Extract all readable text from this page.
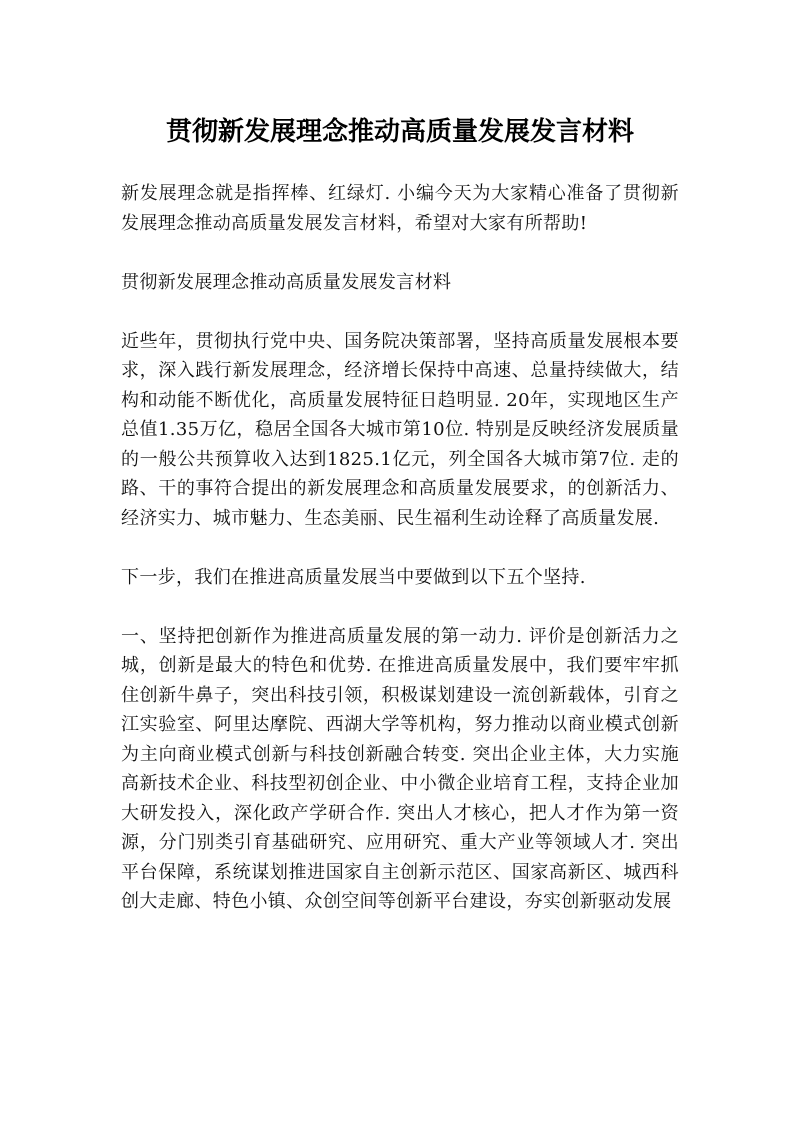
贯彻新发展理念推动高质量发展发言材料

新发展理念就是指挥棒、红绿灯. 小编今天为大家精心准备了贯彻新发展理念推动高质量发展发言材料，希望对大家有所帮助!

贯彻新发展理念推动高质量发展发言材料

近些年，贯彻执行党中央、国务院决策部署，坚持高质量发展根本要求，深入践行新发展理念，经济增长保持中高速、总量持续做大，结构和动能不断优化，高质量发展特征日趋明显. 20年，实现地区生产总值1.35万亿，稳居全国各大城市第10位. 特别是反映经济发展质量的一般公共预算收入达到1825.1亿元，列全国各大城市第7位. 走的路、干的事符合提出的新发展理念和高质量发展要求，的创新活力、经济实力、城市魅力、生态美丽、民生福利生动诠释了高质量发展.

下一步，我们在推进高质量发展当中要做到以下五个坚持.

一、坚持把创新作为推进高质量发展的第一动力. 评价是创新活力之城，创新是最大的特色和优势. 在推进高质量发展中，我们要牢牢抓住创新牛鼻子，突出科技引领，积极谋划建设一流创新载体，引育之江实验室、阿里达摩院、西湖大学等机构，努力推动以商业模式创新为主向商业模式创新与科技创新融合转变. 突出企业主体，大力实施高新技术企业、科技型初创企业、中小微企业培育工程，支持企业加大研发投入，深化政产学研合作. 突出人才核心，把人才作为第一资源，分门别类引育基础研究、应用研究、重大产业等领域人才. 突出平台保障，系统谋划推进国家自主创新示范区、国家高新区、城西科创大走廊、特色小镇、众创空间等创新平台建设，夯实创新驱动发展
